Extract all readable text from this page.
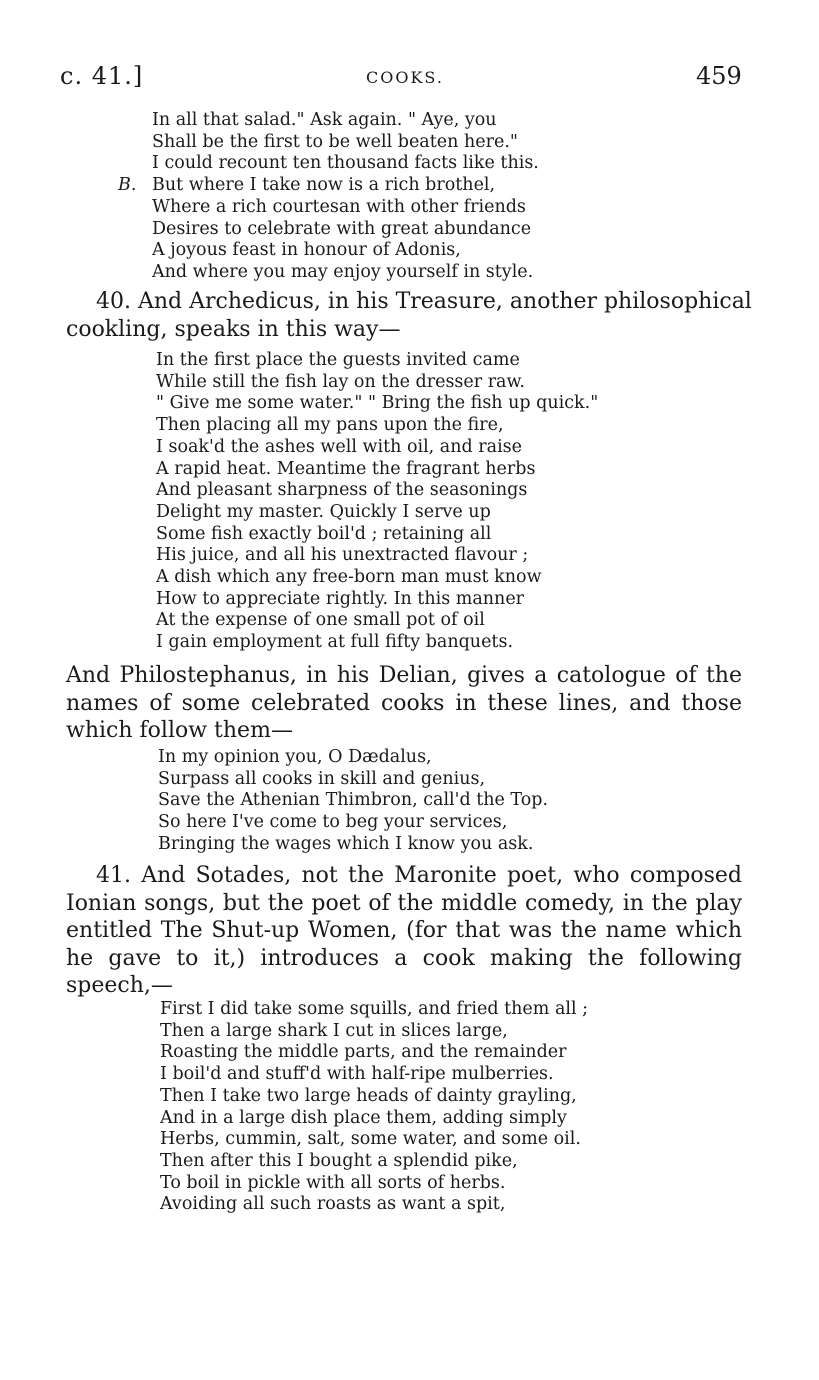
c. 41.]	COOKS.	459
In all that salad." Ask again. " Aye, you
Shall be the first to be well beaten here."
I could recount ten thousand facts like this.
B. But where I take now is a rich brothel,
Where a rich courtesan with other friends
Desires to celebrate with great abundance
A joyous feast in honour of Adonis,
And where you may enjoy yourself in style.
40. And Archedicus, in his Treasure, another philosophical
cookling, speaks in this way—
In the first place the guests invited came
While still the fish lay on the dresser raw.
" Give me some water." " Bring the fish up quick."
Then placing all my pans upon the fire,
I soak'd the ashes well with oil, and raise
A rapid heat. Meantime the fragrant herbs
And pleasant sharpness of the seasonings
Delight my master. Quickly I serve up
Some fish exactly boil'd ; retaining all
His juice, and all his unextracted flavour ;
A dish which any free-born man must know
How to appreciate rightly. In this manner
At the expense of one small pot of oil
I gain employment at full fifty banquets.
And Philostephanus, in his Delian, gives a catologue of the
names of some celebrated cooks in these lines, and those
which follow them—
In my opinion you, O Dædalus,
Surpass all cooks in skill and genius,
Save the Athenian Thimbron, call'd the Top.
So here I've come to beg your services,
Bringing the wages which I know you ask.
41. And Sotades, not the Maronite poet, who composed
Ionian songs, but the poet of the middle comedy, in the play
entitled The Shut-up Women, (for that was the name which
he gave to it,) introduces a cook making the following
speech,—
First I did take some squills, and fried them all ;
Then a large shark I cut in slices large,
Roasting the middle parts, and the remainder
I boil'd and stuff'd with half-ripe mulberries.
Then I take two large heads of dainty grayling,
And in a large dish place them, adding simply
Herbs, cummin, salt, some water, and some oil.
Then after this I bought a splendid pike,
To boil in pickle with all sorts of herbs.
Avoiding all such roasts as want a spit,
